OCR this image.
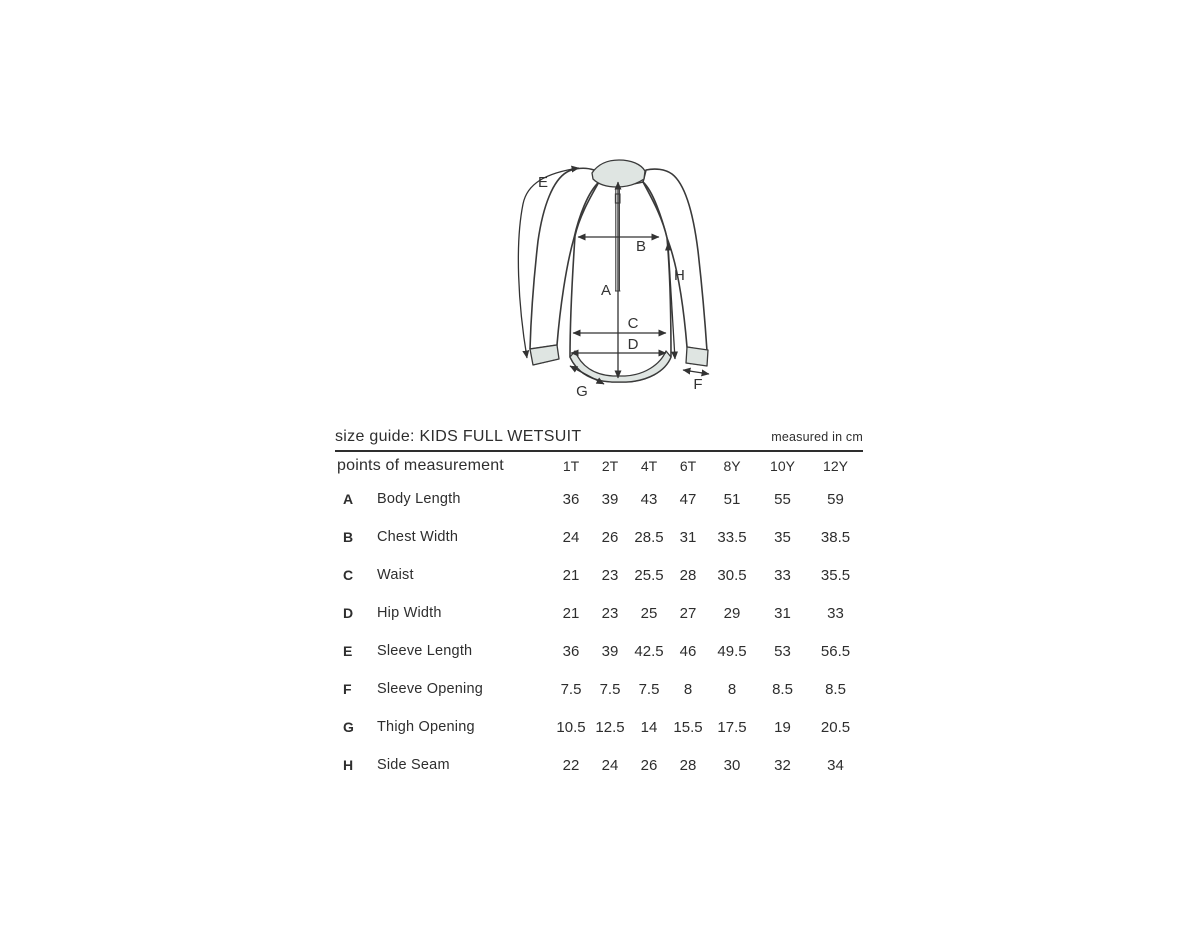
A
B
C
D
E
F
G
H
size guide: KIDS FULL WETSUIT	measured in cm
points of measurement		1T	2T	4T	6T	8Y	10Y	12Y
A	Body Length	36	39	43	47	51	55	59
B	Chest Width	24	26	28.5	31	33.5	35	38.5
C	Waist	21	23	25.5	28	30.5	33	35.5
D	Hip Width	21	23	25	27	29	31	33
E	Sleeve Length	36	39	42.5	46	49.5	53	56.5
F	Sleeve Opening	7.5	7.5	7.5	8	8	8.5	8.5
G	Thigh Opening	10.5	12.5	14	15.5	17.5	19	20.5
H	Side Seam	22	24	26	28	30	32	34
